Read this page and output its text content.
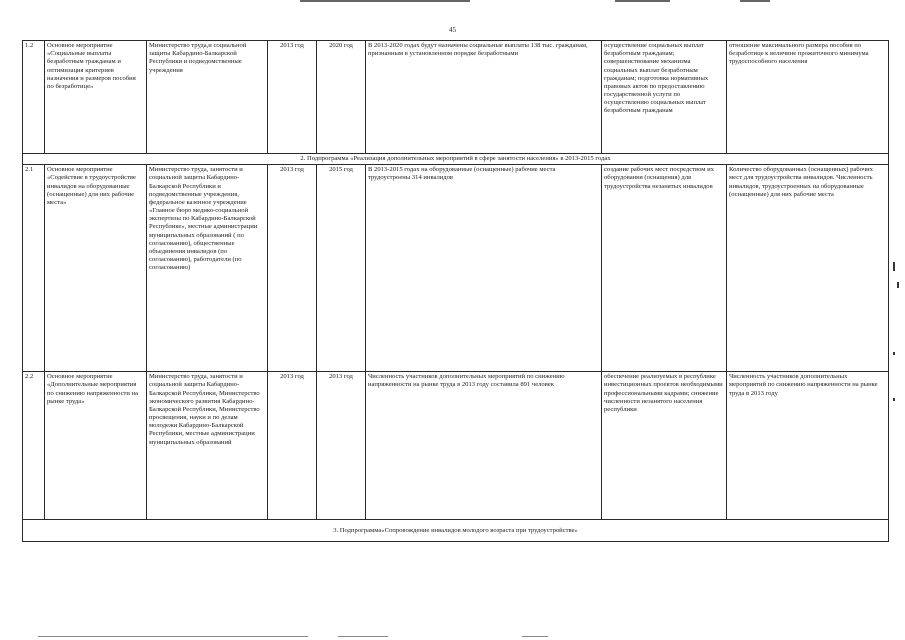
45
1.2	Основное мероприятие «Социальные выплаты безработным гражданам и оптимизация критериев назначения и размеров пособия по безработице»	Министерство труда,и социальной защиты Кабардино-Балкарской Республики и подведомственные учреждения	2013 год	2020 год	В 2013-2020 годах будут назначены социальные выплаты 138 тыс. гражданам, признанным в установленном порядке безработными	осуществление социальных выплат безработным гражданам; совершенствование механизма социальных выплат безработным гражданам; подготовка нормативных правовых актов по предоставлению государственной услуги по осуществлению социальных выплат безработным гражданам	отношение максимального размера пособия по безработице к величине прожиточного минимума трудоспособного населения
2. Подпрограмма «Реализация дополнительных мероприятий в сфере занятости населения» в 2013-2015 годах							
2.1	Основное мероприятие «Содействие в трудоустройстве инвалидов на оборудованные (оснащенные) для них рабочие места»	Министерство труда, занятости и социальной защиты Кабардино-Балкарской Республики и подведомственные учреждения, федеральное казенное учреждение «Главное бюро медико-социальной экспертизы по Кабардино-Балкарской Республике», местные администрации муниципальных образований ( по согласованию), общественные объединения инвалидов (по согласованию), работодатели (по согласованию)	2013 год	2015 год	В 2013-2015 годах на оборудованные (оснащенные) рабочие места трудоустроены 314 инвалидов	создание рабочих мест посредством их оборудования (оснащения) для трудоустройства незанятых инвалидов	Количество оборудованных (оснащенных) рабочих мест для трудоустройства инвалидов. Численность инвалидов, трудоустроенных на оборудованные (оснащенные) для них рабочие места
2.2	Основное мероприятие «Дополнительные мероприятия по снижению напряженности на рынке труда»	Министерство труда, занятости и социальной защиты Кабардино-Балкарской Республики, Министерство экономического развития Кабардино-Балкарской Республики, Министерство просвещения, науки и по делам молодежи Кабардино-Балкарской Республики, местные администрации муниципальных образований	2013 год	2013 год	Численность участников дополнительных мероприятий по снижению напряженности на рынке труда в 2013 году составила 891 человек	обеспечение реализуемых в республике инвестиционных проектов необходимыми профессиональными кадрами; снижение численности незанятого населения республики	Численность участников дополнительных мероприятий по снижению напряженности на рынке труда в 2013 году
3. Подпрограмма«Сопровождение инвалидов молодого возраста при трудоустройстве»							
